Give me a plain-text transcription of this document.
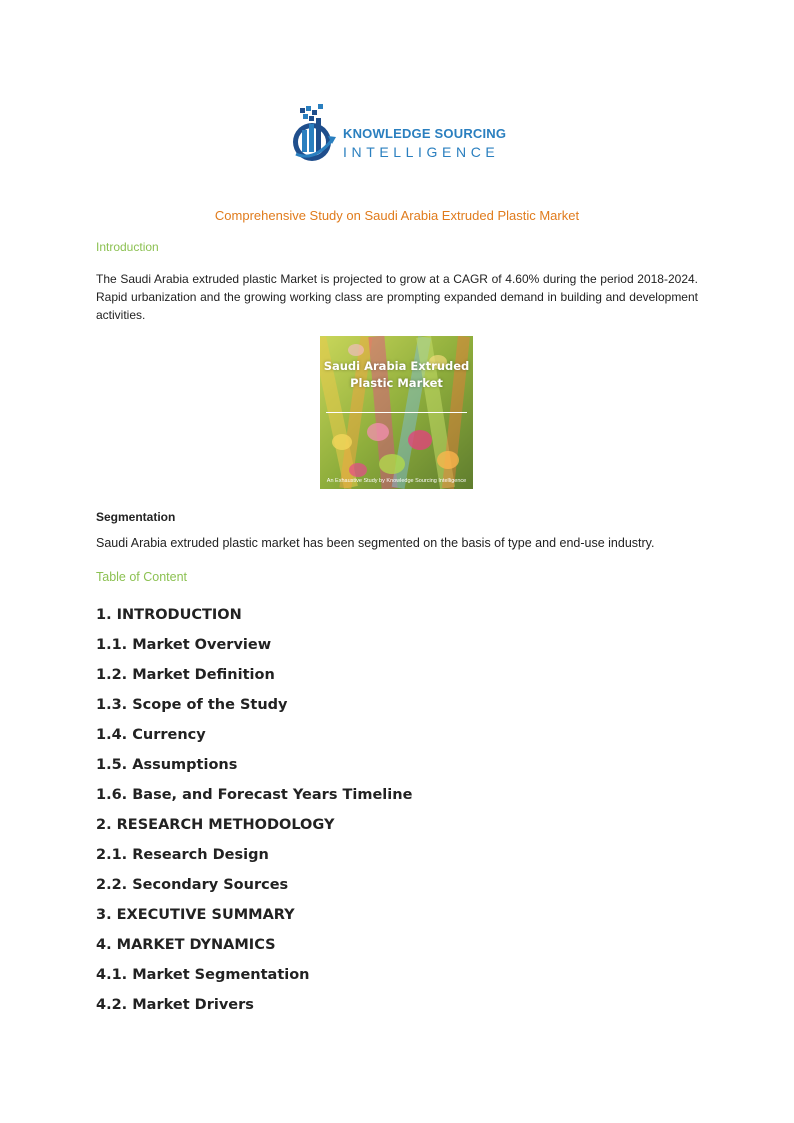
KNOWLEDGE SOURCING
INTELLIGENCE
Comprehensive Study on Saudi Arabia Extruded Plastic Market
Introduction
The Saudi Arabia extruded plastic Market is projected to grow at a CAGR of 4.60% during the period 2018-2024. Rapid urbanization and the growing working class are prompting expanded demand in building and development activities.
Saudi Arabia Extruded Plastic Market
An Exhaustive Study by Knowledge Sourcing Intelligence
Segmentation
Saudi Arabia extruded plastic market has been segmented on the basis of type and end-use industry.
Table of Content
1. INTRODUCTION
1.1. Market Overview
1.2. Market Definition
1.3. Scope of the Study
1.4. Currency
1.5. Assumptions
1.6. Base, and Forecast Years Timeline
2. RESEARCH METHODOLOGY
2.1. Research Design
2.2. Secondary Sources
3. EXECUTIVE SUMMARY
4. MARKET DYNAMICS
4.1. Market Segmentation
4.2. Market Drivers
